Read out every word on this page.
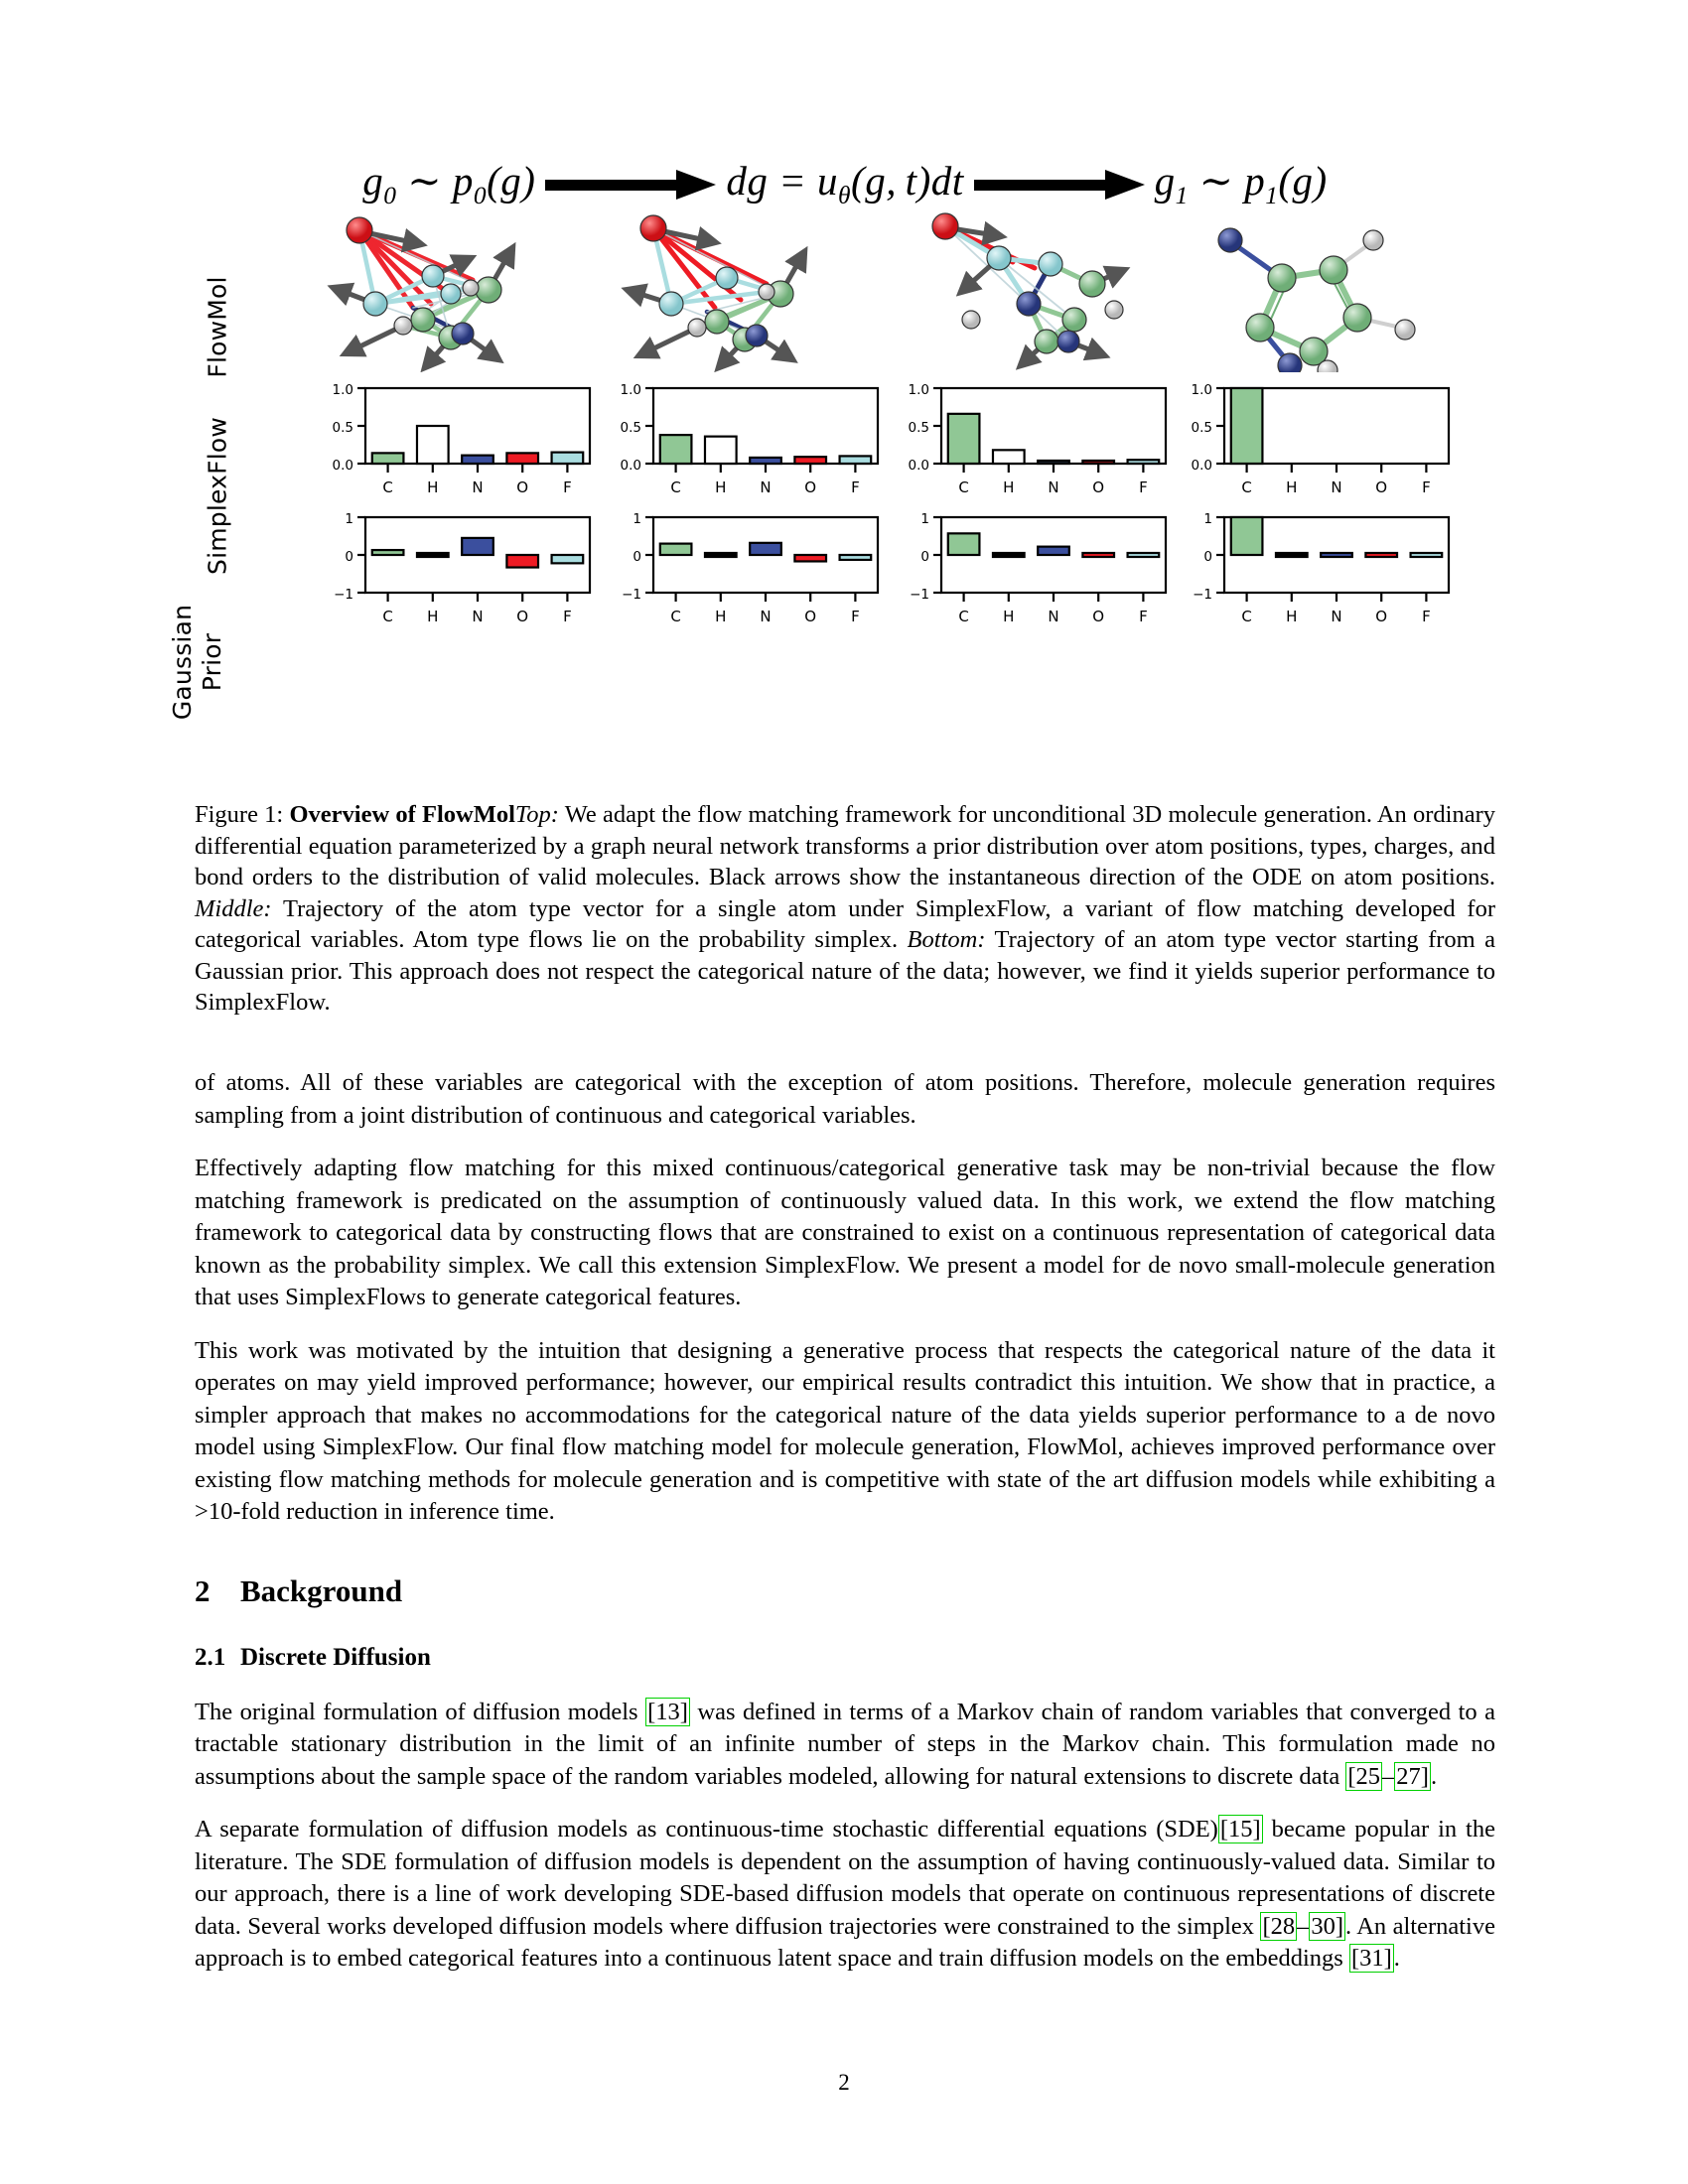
$g_0$ ∼ $p_0(g)$	dg = $u_\theta(g$, t)dt	$g_1$ ∼ $p_1(g)$
FlowMol
SimplexFlow
Gaussian
Prior
0.0
0.5
1.0
C H N O F
−1
0
1
C H N O F
0.0
0.5
1.0
C H N O F
−1
0
1
C H N O F
0.0
0.5
1.0
C H N O F
−1
0
1
C H N O F
0.0
0.5
1.0
C H N O F
−1
0
1
C H N O F
Figure 1: Overview of FlowMolTop: We adapt the flow matching framework for unconditional 3D molecule generation. An ordinary differential equation parameterized by a graph neural network transforms a prior distribution over atom positions, types, charges, and bond orders to the distribution of valid molecules. Black arrows show the instantaneous direction of the ODE on atom positions. Middle: Trajectory of the atom type vector for a single atom under SimplexFlow, a variant of flow matching developed for categorical variables. Atom type flows lie on the probability simplex. Bottom: Trajectory of an atom type vector starting from a Gaussian prior. This approach does not respect the categorical nature of the data; however, we find it yields superior performance to SimplexFlow.

of atoms. All of these variables are categorical with the exception of atom positions. Therefore, molecule generation requires sampling from a joint distribution of continuous and categorical variables.

Effectively adapting flow matching for this mixed continuous/categorical generative task may be non-trivial because the flow matching framework is predicated on the assumption of continuously valued data. In this work, we extend the flow matching framework to categorical data by constructing flows that are constrained to exist on a continuous representation of categorical data known as the probability simplex. We call this extension SimplexFlow. We present a model for de novo small-molecule generation that uses SimplexFlows to generate categorical features.

This work was motivated by the intuition that designing a generative process that respects the categorical nature of the data it operates on may yield improved performance; however, our empirical results contradict this intuition. We show that in practice, a simpler approach that makes no accommodations for the categorical nature of the data yields superior performance to a de novo model using SimplexFlow. Our final flow matching model for molecule generation, FlowMol, achieves improved performance over existing flow matching methods for molecule generation and is competitive with state of the art diffusion models while exhibiting a >10-fold reduction in inference time.

2 Background
2.1 Discrete Diffusion

The original formulation of diffusion models [13] was defined in terms of a Markov chain of random variables that converged to a tractable stationary distribution in the limit of an infinite number of steps in the Markov chain. This formulation made no assumptions about the sample space of the random variables modeled, allowing for natural extensions to discrete data [25–27].

A separate formulation of diffusion models as continuous-time stochastic differential equations (SDE)[15] became popular in the literature. The SDE formulation of diffusion models is dependent on the assumption of having continuously-valued data. Similar to our approach, there is a line of work developing SDE-based diffusion models that operate on continuous representations of discrete data. Several works developed diffusion models where diffusion trajectories were constrained to the simplex [28–30]. An alternative approach is to embed categorical features into a continuous latent space and train diffusion models on the embeddings [31].

2
